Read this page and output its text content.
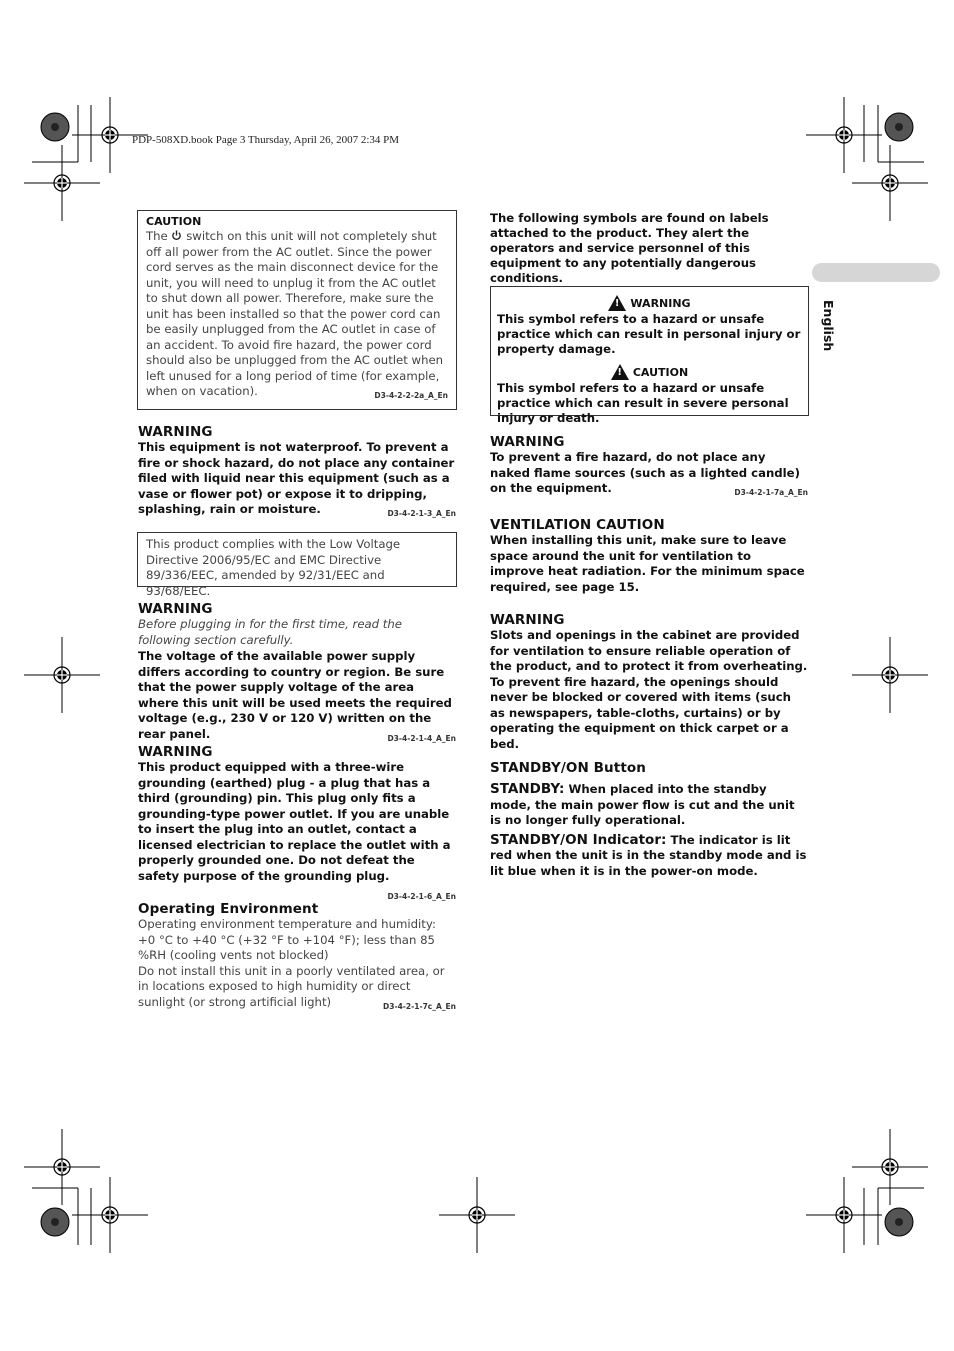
PDP-508XD.book Page 3 Thursday, April 26, 2007 2:34 PM
English

CAUTION

The switch on this unit will not completely shut off all power from the AC outlet. Since the power cord serves as the main disconnect device for the unit, you will need to unplug it from the AC outlet to shut down all power. Therefore, make sure the unit has been installed so that the power cord can be easily unplugged from the AC outlet in case of an accident. To avoid fire hazard, the power cord should also be unplugged from the AC outlet when left unused for a long period of time (for example, when on vacation).	D3-4-2-2-2a_A_En

WARNING

This equipment is not waterproof. To prevent a fire or shock hazard, do not place any container filed with liquid near this equipment (such as a vase or flower pot) or expose it to dripping, splashing, rain or moisture.	D3-4-2-1-3_A_En

This product complies with the Low Voltage Directive 2006/95/EC and EMC Directive 89/336/EEC, amended by 92/31/EEC and 93/68/EEC.

WARNING

Before plugging in for the first time, read the following section carefully.

The voltage of the available power supply differs according to country or region. Be sure that the power supply voltage of the area where this unit will be used meets the required voltage (e.g., 230 V or 120 V) written on the rear panel.	D3-4-2-1-4_A_En

WARNING

This product equipped with a three-wire grounding (earthed) plug - a plug that has a third (grounding) pin. This plug only fits a grounding-type power outlet. If you are unable to insert the plug into an outlet, contact a licensed electrician to replace the outlet with a properly grounded one. Do not defeat the safety purpose of the grounding plug.

D3-4-2-1-6_A_En

Operating Environment

Operating environment temperature and humidity:

+0 °C to +40 °C (+32 °F to +104 °F); less than 85 %RH (cooling vents not blocked)

Do not install this unit in a poorly ventilated area, or in locations exposed to high humidity or direct sunlight (or strong artificial light)	D3-4-2-1-7c_A_En

The following symbols are found on labels attached to the product. They alert the operators and service personnel of this equipment to any potentially dangerous conditions.

!WARNING

This symbol refers to a hazard or unsafe practice which can result in personal injury or property damage.

!CAUTION

This symbol refers to a hazard or unsafe practice which can result in severe personal injury or death.

WARNING

To prevent a fire hazard, do not place any naked flame sources (such as a lighted candle) on the equipment.	D3-4-2-1-7a_A_En

VENTILATION CAUTION

When installing this unit, make sure to leave space around the unit for ventilation to improve heat radiation. For the minimum space required, see page 15.

WARNING

Slots and openings in the cabinet are provided for ventilation to ensure reliable operation of the product, and to protect it from overheating. To prevent fire hazard, the openings should never be blocked or covered with items (such as newspapers, table-cloths, curtains) or by operating the equipment on thick carpet or a bed.

STANDBY/ON Button

STANDBY: When placed into the standby mode, the main power flow is cut and the unit is no longer fully operational.

STANDBY/ON Indicator: The indicator is lit red when the unit is in the standby mode and is lit blue when it is in the power-on mode.
